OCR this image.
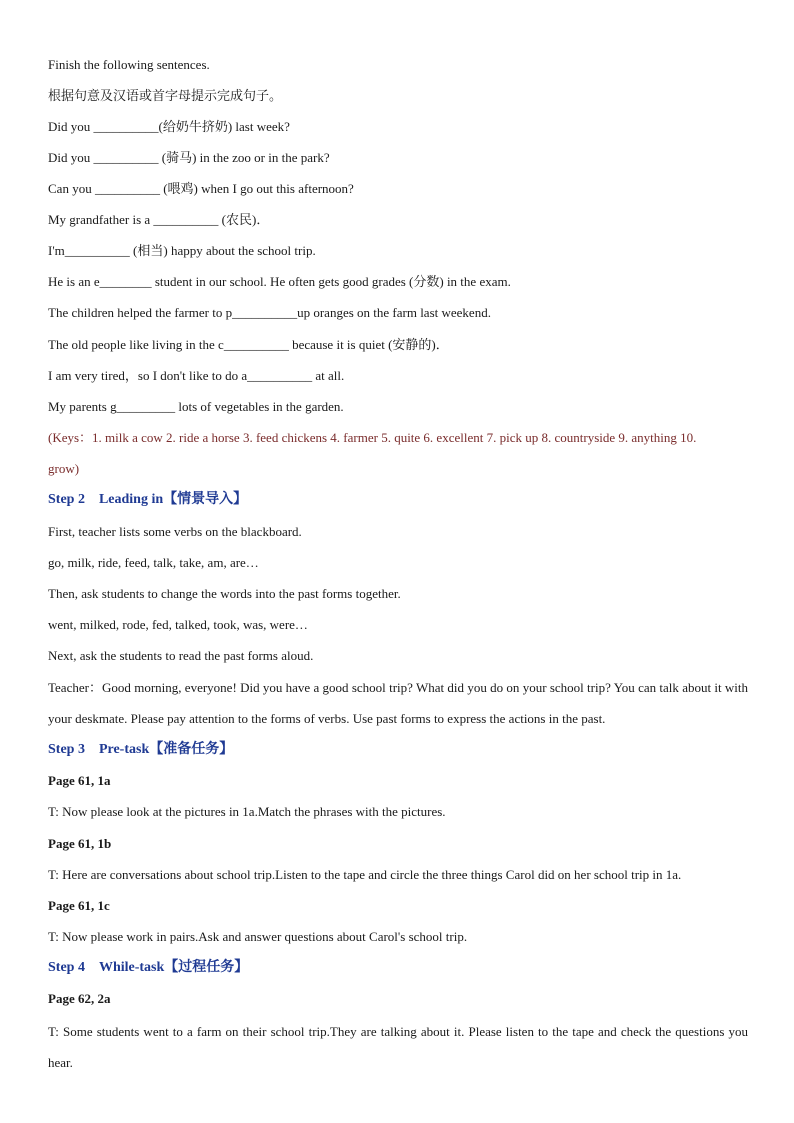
Finish the following sentences.
根据句意及汉语或首字母提示完成句子。
Did you __________(给奶牛挤奶) last week?
Did you __________ (骑马) in the zoo or in the park?
Can you __________ (喂鸡) when I go out this afternoon?
My grandfather is a __________ (农民)．
I'm__________ (相当) happy about the school trip.
He is an e________ student in our school. He often gets good grades (分数) in the exam.
The children helped the farmer to p__________up oranges on the farm last weekend.
The old people like living in the c__________ because it is quiet (安静的)．
I am very tired，so I don't like to do a__________ at all.
My parents g_________ lots of vegetables in the garden.
(Keys：1. milk a cow 2. ride a horse 3. feed chickens 4. farmer 5. quite 6. excellent 7. pick up 8. countryside 9. anything 10.
grow)
Step 2 Leading in【情景导入】
First, teacher lists some verbs on the blackboard.
go, milk, ride, feed, talk, take, am, are…
Then, ask students to change the words into the past forms together.
went, milked, rode, fed, talked, took, was, were…
Next, ask the students to read the past forms aloud.
Teacher：Good morning, everyone! Did you have a good school trip? What did you do on your school trip? You can talk about it with your deskmate. Please pay attention to the forms of verbs. Use past forms to express the actions in the past.
Step 3 Pre-task【准备任务】
Page 61, 1a
T: Now please look at the pictures in 1a.Match the phrases with the pictures.
Page 61, 1b
T: Here are conversations about school trip.Listen to the tape and circle the three things Carol did on her school trip in 1a.
Page 61, 1c
T: Now please work in pairs.Ask and answer questions about Carol's school trip.
Step 4 While-task【过程任务】
Page 62, 2a
T: Some students went to a farm on their school trip.They are talking about it. Please listen to the tape and check the questions you hear.
